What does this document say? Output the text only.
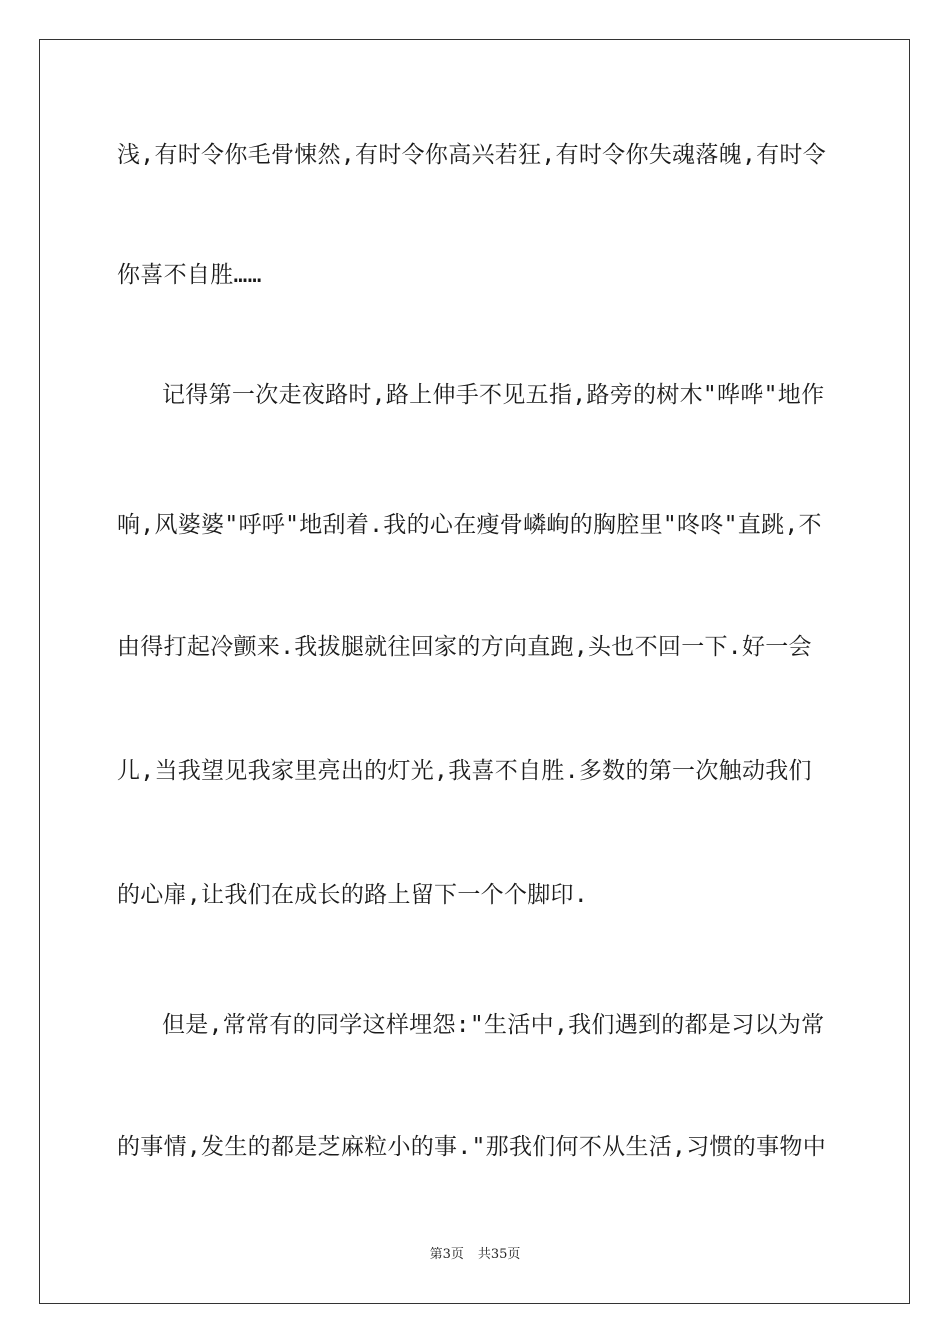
浅,有时令你毛骨悚然,有时令你高兴若狂,有时令你失魂落魄,有时令
你喜不自胜……
记得第一次走夜路时,路上伸手不见五指,路旁的树木"哗哗"地作
响,风婆婆"呼呼"地刮着.我的心在瘦骨嶙峋的胸腔里"咚咚"直跳,不
由得打起冷颤来.我拔腿就往回家的方向直跑,头也不回一下.好一会
儿,当我望见我家里亮出的灯光,我喜不自胜.多数的第一次触动我们
的心扉,让我们在成长的路上留下一个个脚印.
但是,常常有的同学这样埋怨:"生活中,我们遇到的都是习以为常
的事情,发生的都是芝麻粒小的事."那我们何不从生活,习惯的事物中
第3页 共35页
